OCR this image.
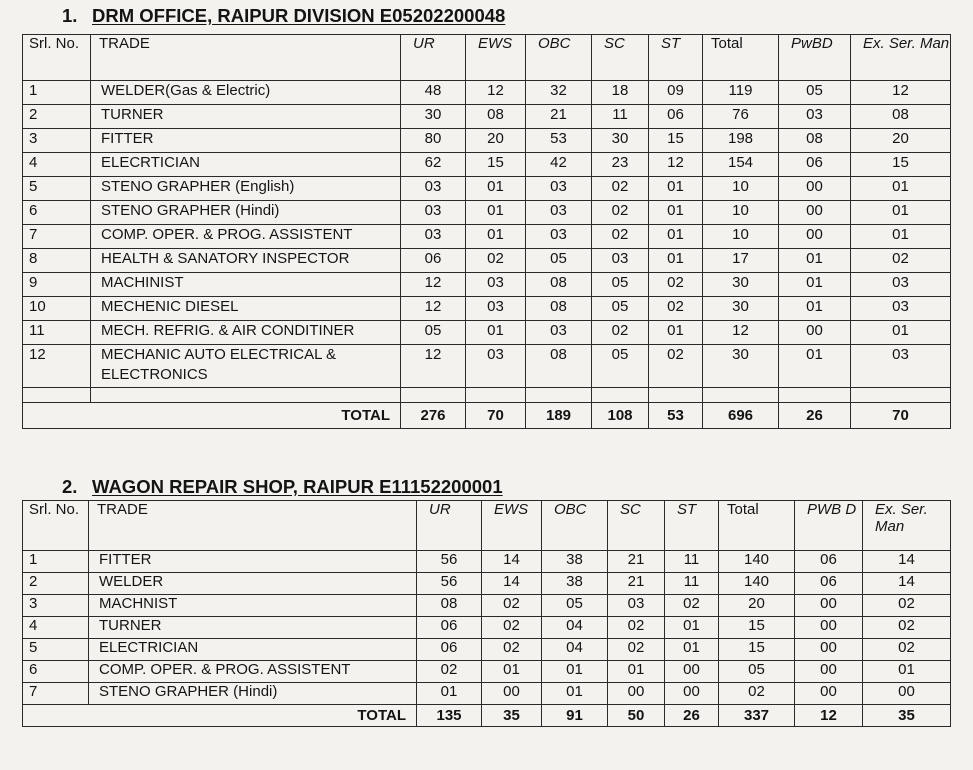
1. DRM OFFICE, RAIPUR DIVISION E05202200048
Srl. No.	TRADE	UR	EWS	OBC	SC	ST	Total	PwBD	Ex. Ser. Man
1	WELDER(Gas & Electric)	48	12	32	18	09	119	05	12
2	TURNER	30	08	21	11	06	76	03	08
3	FITTER	80	20	53	30	15	198	08	20
4	ELECRTICIAN	62	15	42	23	12	154	06	15
5	STENO GRAPHER (English)	03	01	03	02	01	10	00	01
6	STENO GRAPHER (Hindi)	03	01	03	02	01	10	00	01
7	COMP. OPER. & PROG. ASSISTENT	03	01	03	02	01	10	00	01
8	HEALTH & SANATORY INSPECTOR	06	02	05	03	01	17	01	02
9	MACHINIST	12	03	08	05	02	30	01	03
10	MECHENIC DIESEL	12	03	08	05	02	30	01	03
11	MECH. REFRIG. & AIR CONDITINER	05	01	03	02	01	12	00	01
12	MECHANIC AUTO ELECTRICAL & ELECTRONICS	12	03	08	05	02	30	01	03

TOTAL		276	70	189	108	53	696	26	70
2. WAGON REPAIR SHOP, RAIPUR E11152200001
Srl. No.	TRADE	UR	EWS	OBC	SC	ST	Total	PWB D	Ex. Ser. Man
1	FITTER	56	14	38	21	11	140	06	14
2	WELDER	56	14	38	21	11	140	06	14
3	MACHNIST	08	02	05	03	02	20	00	02
4	TURNER	06	02	04	02	01	15	00	02
5	ELECTRICIAN	06	02	04	02	01	15	00	02
6	COMP. OPER. & PROG. ASSISTENT	02	01	01	01	00	05	00	01
7	STENO GRAPHER (Hindi)	01	00	01	00	00	02	00	00
TOTAL		135	35	91	50	26	337	12	35
